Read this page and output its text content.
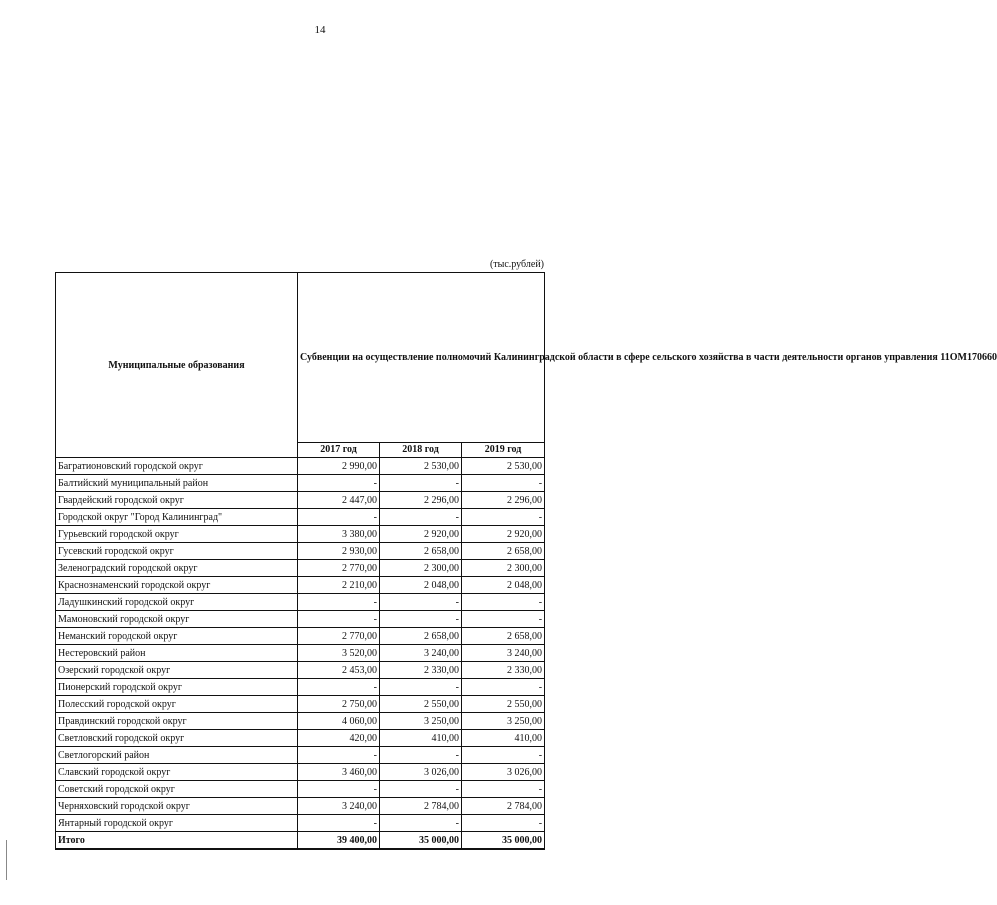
14
(тыс.рублей)
Муниципальные образования	Субвенции на осуществление полномочий Калининградской области в сфере сельского хозяйства в части деятельности органов управления 11ОМ170660		
	2017 год	2018 год	2019 год
Багратионовский городской округ	2 990,00	2 530,00	2 530,00
Балтийский муниципальный район	-	-	-
Гвардейский городской округ	2 447,00	2 296,00	2 296,00
Городской округ "Город Калининград"	-	-	-
Гурьевский городской округ	3 380,00	2 920,00	2 920,00
Гусевский городской округ	2 930,00	2 658,00	2 658,00
Зеленоградский городской округ	2 770,00	2 300,00	2 300,00
Краснознаменский городской округ	2 210,00	2 048,00	2 048,00
Ладушкинский городской округ	-	-	-
Мамоновский городской округ	-	-	-
Неманский городской округ	2 770,00	2 658,00	2 658,00
Нестеровский район	3 520,00	3 240,00	3 240,00
Озерский городской округ	2 453,00	2 330,00	2 330,00
Пионерский городской округ	-	-	-
Полесский городской округ	2 750,00	2 550,00	2 550,00
Правдинский городской округ	4 060,00	3 250,00	3 250,00
Светловский городской округ	420,00	410,00	410,00
Светлогорский район	-	-	-
Славский городской округ	3 460,00	3 026,00	3 026,00
Советский городской округ	-	-	-
Черняховский городской округ	3 240,00	2 784,00	2 784,00
Янтарный городской округ	-	-	-
Итого	39 400,00	35 000,00	35 000,00
